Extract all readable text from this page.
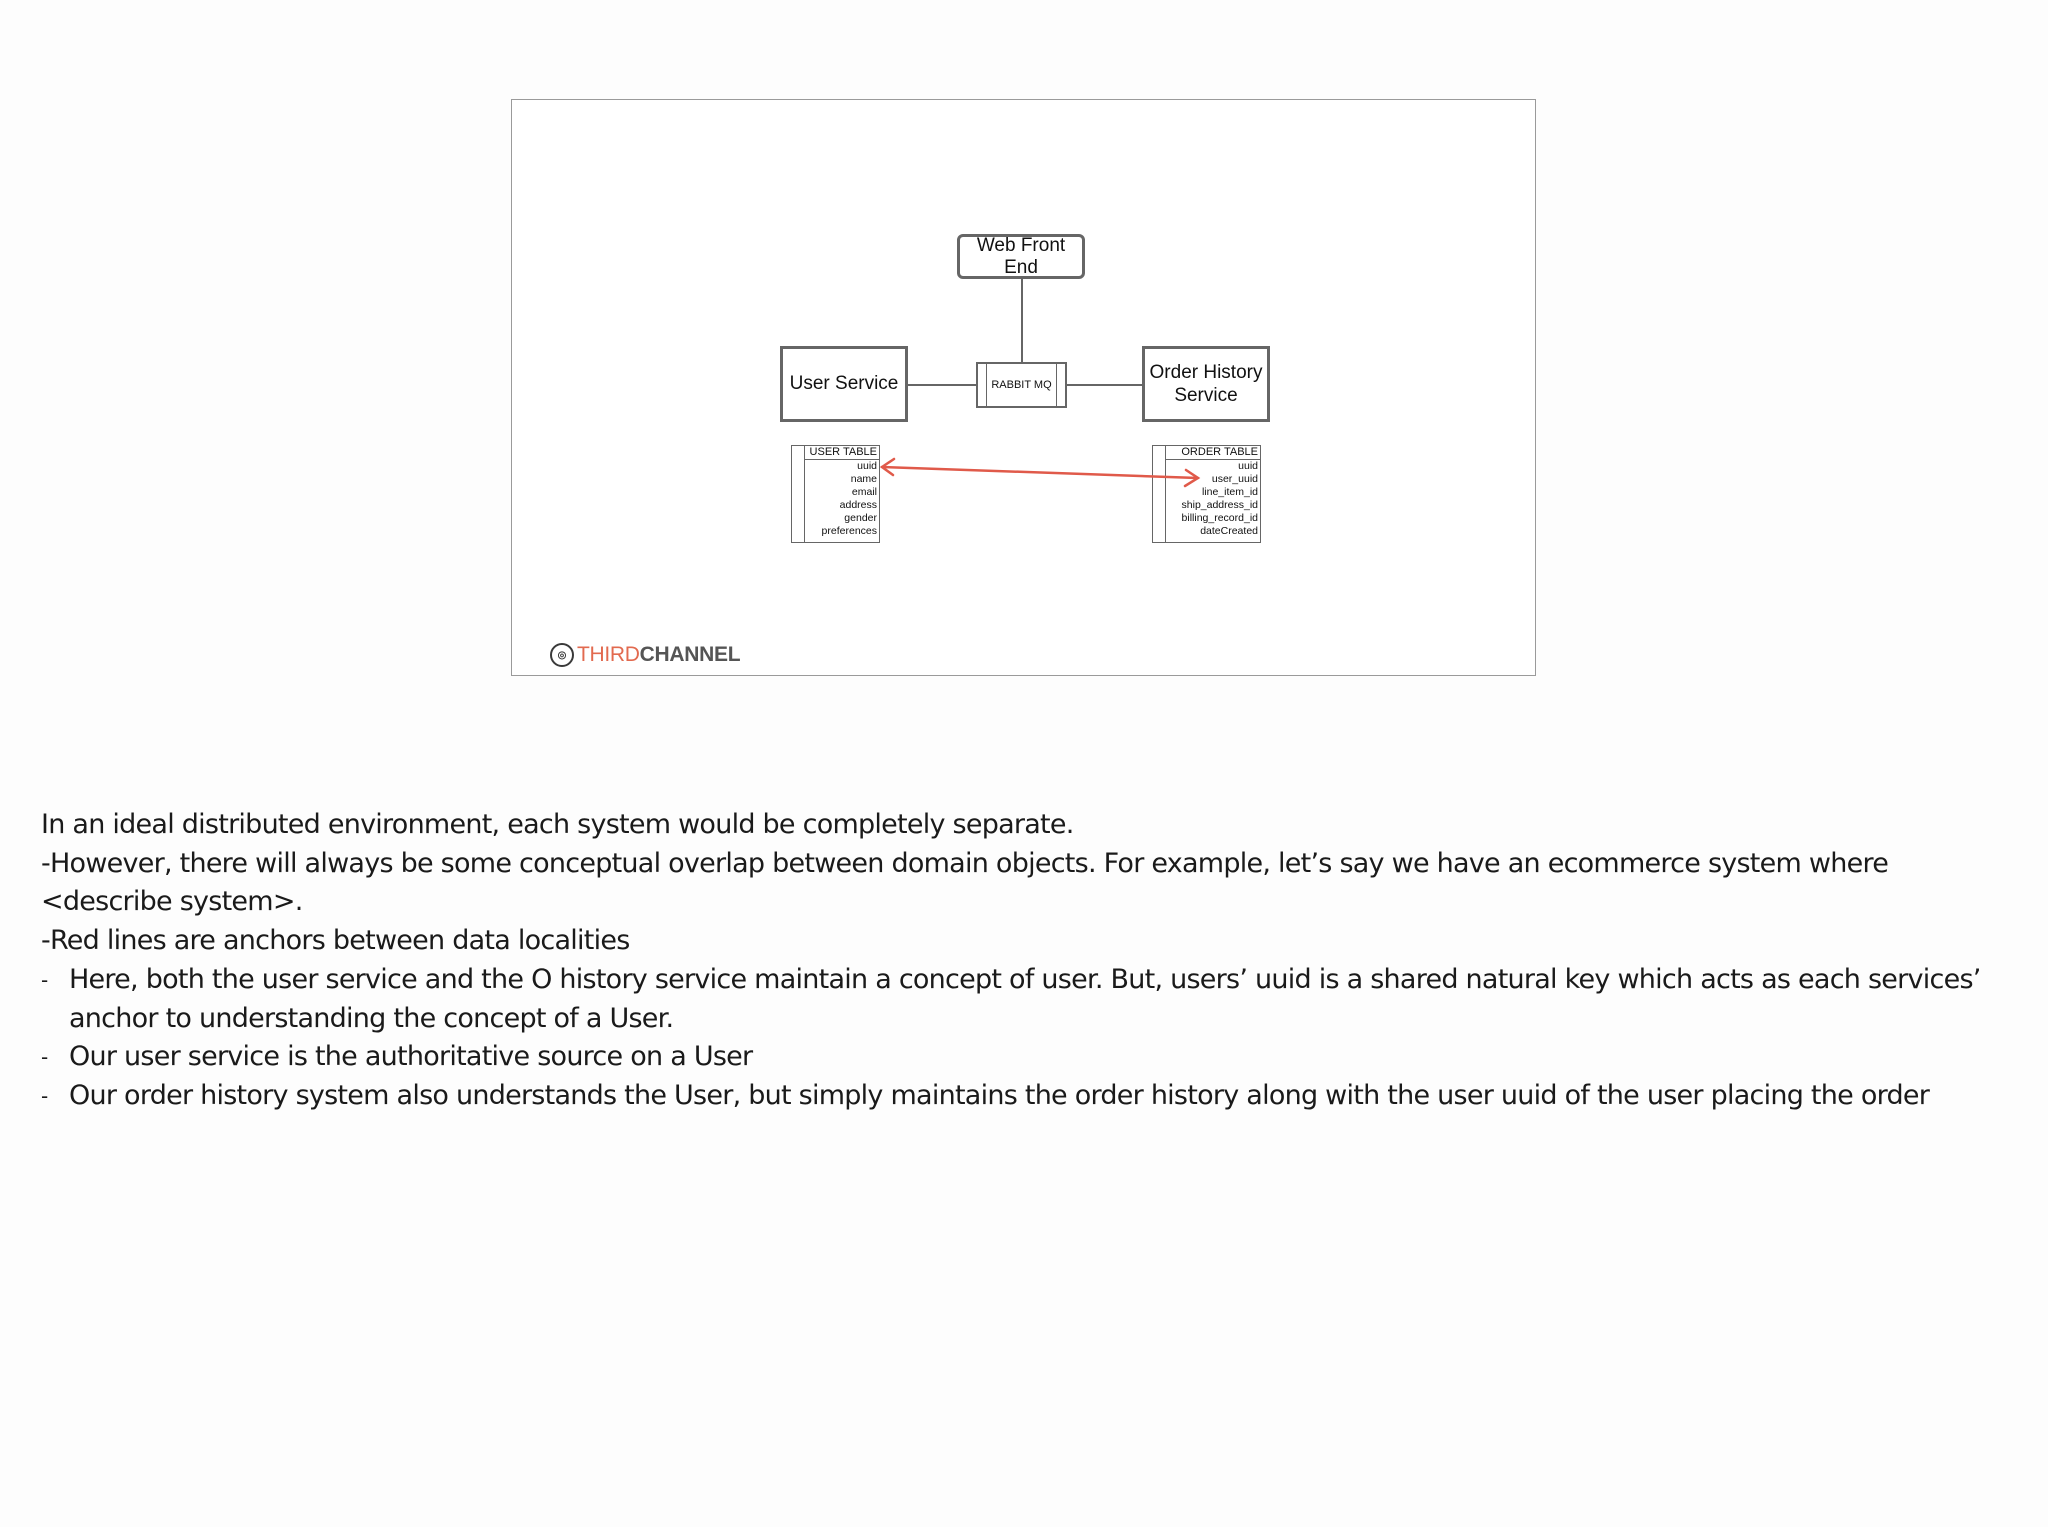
Web Front End
User Service	RABBIT MQ
Order History Service
USER TABLE
uuid
name
email
address
gender
preferences
ORDER TABLE
uuid
user_uuid
line_item_id
ship_address_id
billing_record_id
dateCreated
◎ THIRD CHANNEL

In an ideal distributed environment, each system would be completely separate.

-However, there will always be some conceptual overlap between domain objects. For example, let’s say we have an ecommerce system where <describe system>.

-Red lines are anchors between data localities

- Here, both the user service and the O history service maintain a concept of user. But, users’ uuid is a shared natural key which acts as each services’ anchor to understanding the concept of a User.

- Our user service is the authoritative source on a User

- Our order history system also understands the User, but simply maintains the order history along with the user uuid of the user placing the order
